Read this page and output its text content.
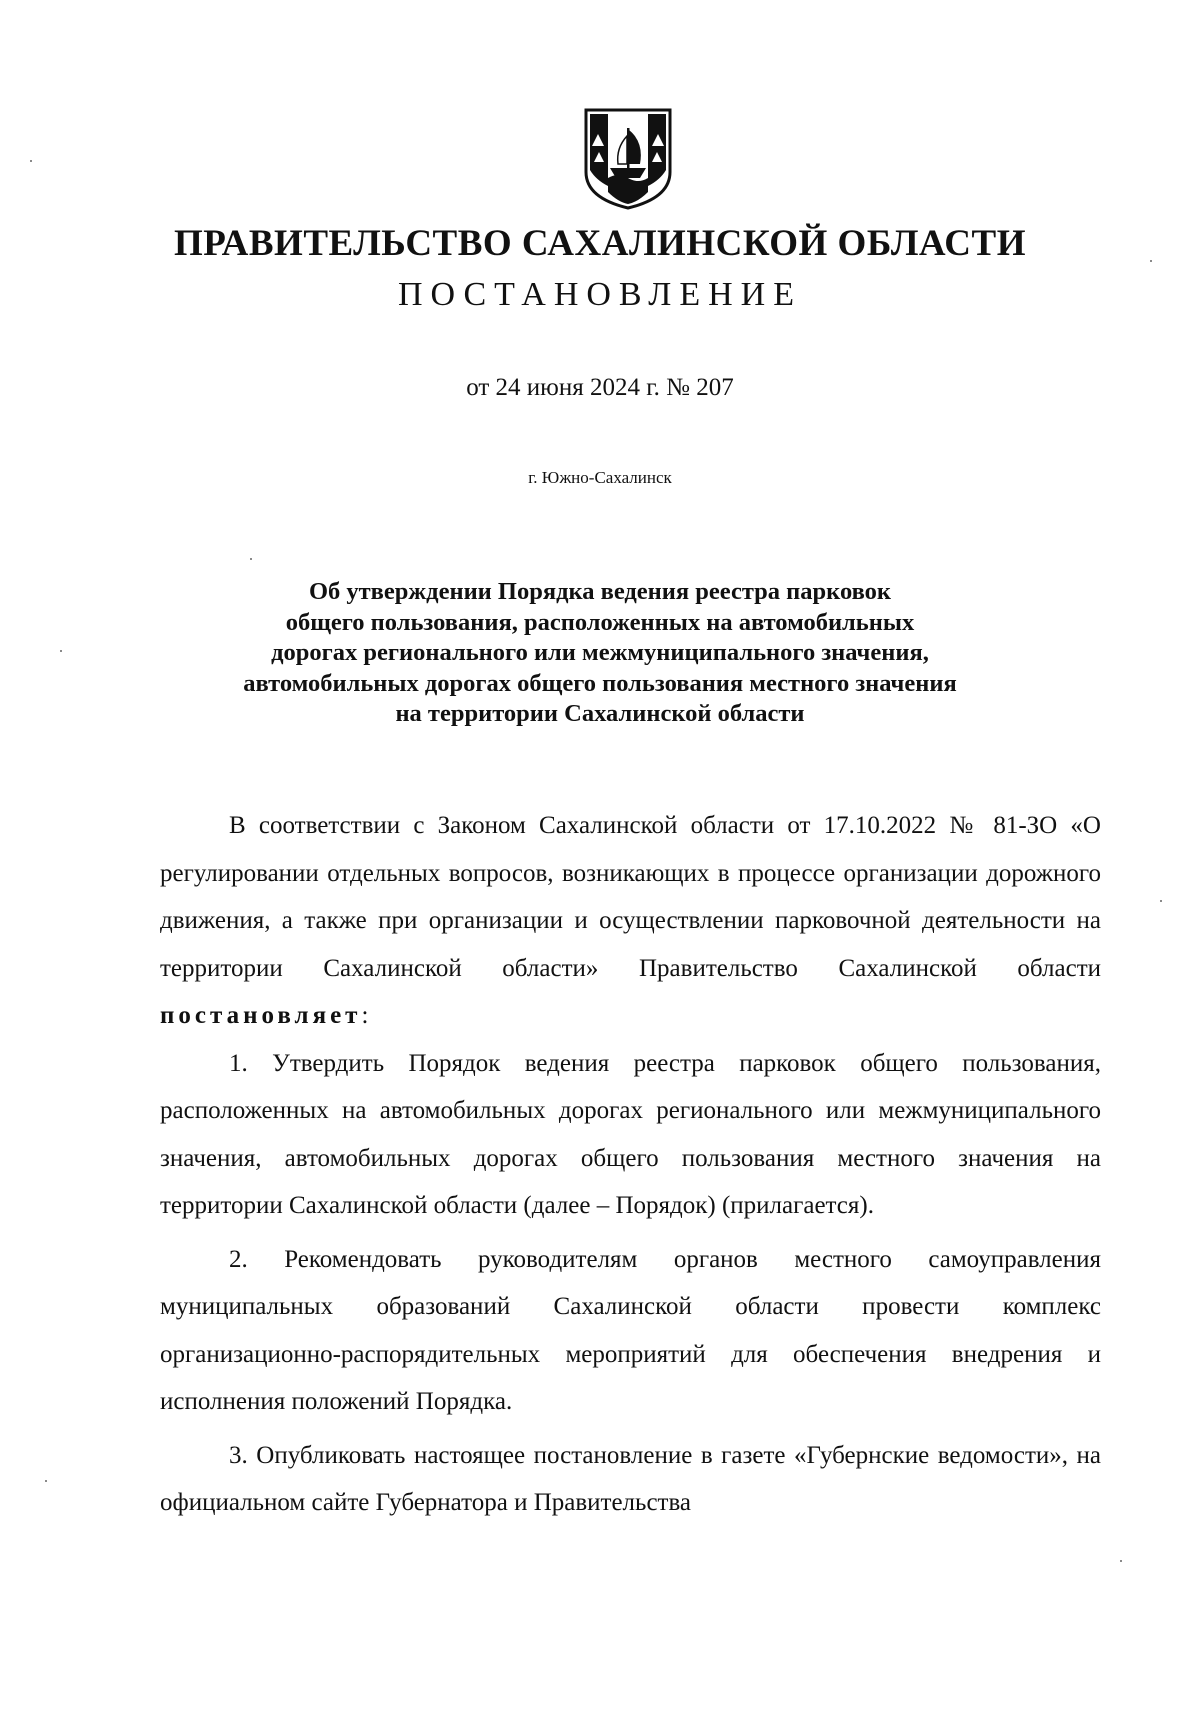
ПРАВИТЕЛЬСТВО САХАЛИНСКОЙ ОБЛАСТИ
ПОСТАНОВЛЕНИЕ
от 24 июня 2024 г. № 207
г. Южно-Сахалинск
Об утверждении Порядка ведения реестра парковок
общего пользования, расположенных на автомобильных
дорогах регионального или межмуниципального значения,
автомобильных дорогах общего пользования местного значения
на территории Сахалинской области

В соответствии с Законом Сахалинской области от 17.10.2022 № 81-ЗО «О регулировании отдельных вопросов, возникающих в процессе организации дорожного движения, а также при организации и осуществлении парковочной деятельности на территории Сахалинской области» Правительство Сахалинской области постановляет:

1. Утвердить Порядок ведения реестра парковок общего пользования, расположенных на автомобильных дорогах регионального или межмуниципального значения, автомобильных дорогах общего пользования местного значения на территории Сахалинской области (далее – Порядок) (прилагается).

2. Рекомендовать руководителям органов местного самоуправления муниципальных образований Сахалинской области провести комплекс организационно-распорядительных мероприятий для обеспечения внедрения и исполнения положений Порядка.

3. Опубликовать настоящее постановление в газете «Губернские ведомости», на официальном сайте Губернатора и Правительства
